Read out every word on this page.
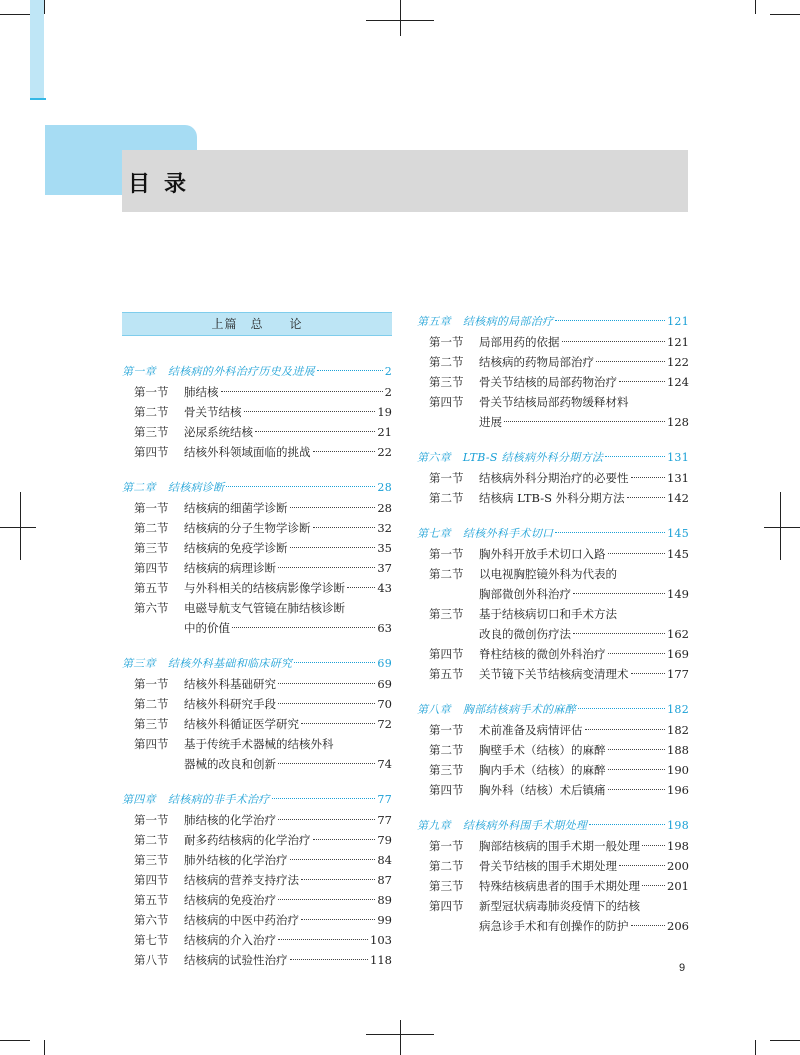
目录
上篇　总　　论
第一章 结核病的外科治疗历史及进展	2
第一节	肺结核	2
第二节	骨关节结核	19
第三节	泌尿系统结核	21
第四节	结核外科领域面临的挑战	22
第二章 结核病诊断	28
第一节	结核病的细菌学诊断	28
第二节	结核病的分子生物学诊断	32
第三节	结核病的免疫学诊断	35
第四节	结核病的病理诊断	37
第五节	与外科相关的结核病影像学诊断	43
第六节	电磁导航支气管镜在肺结核诊断
中的价值	63
第三章 结核外科基础和临床研究	69
第一节	结核外科基础研究	69
第二节	结核外科研究手段	70
第三节	结核外科循证医学研究	72
第四节	基于传统手术器械的结核外科
器械的改良和创新	74
第四章 结核病的非手术治疗	77
第一节	肺结核的化学治疗	77
第二节	耐多药结核病的化学治疗	79
第三节	肺外结核的化学治疗	84
第四节	结核病的营养支持疗法	87
第五节	结核病的免疫治疗	89
第六节	结核病的中医中药治疗	99
第七节	结核病的介入治疗	103
第八节	结核病的试验性治疗	118
第五章 结核病的局部治疗	121
第一节	局部用药的依据	121
第二节	结核病的药物局部治疗	122
第三节	骨关节结核的局部药物治疗	124
第四节	骨关节结核局部药物缓释材料
进展	128
第六章 LTB-S 结核病外科分期方法	131
第一节	结核病外科分期治疗的必要性	131
第二节	结核病 LTB-S 外科分期方法	142
第七章 结核外科手术切口	145
第一节	胸外科开放手术切口入路	145
第二节	以电视胸腔镜外科为代表的
胸部微创外科治疗	149
第三节	基于结核病切口和手术方法
改良的微创伤疗法	162
第四节	脊柱结核的微创外科治疗	169
第五节	关节镜下关节结核病变清理术	177
第八章 胸部结核病手术的麻醉	182
第一节	术前准备及病情评估	182
第二节	胸壁手术（结核）的麻醉	188
第三节	胸内手术（结核）的麻醉	190
第四节	胸外科（结核）术后镇痛	196
第九章 结核病外科围手术期处理	198
第一节	胸部结核病的围手术期一般处理 198
第二节	骨关节结核的围手术期处理	200
第三节	特殊结核病患者的围手术期处理 201
第四节	新型冠状病毒肺炎疫情下的结核
病急诊手术和有创操作的防护	206
9
